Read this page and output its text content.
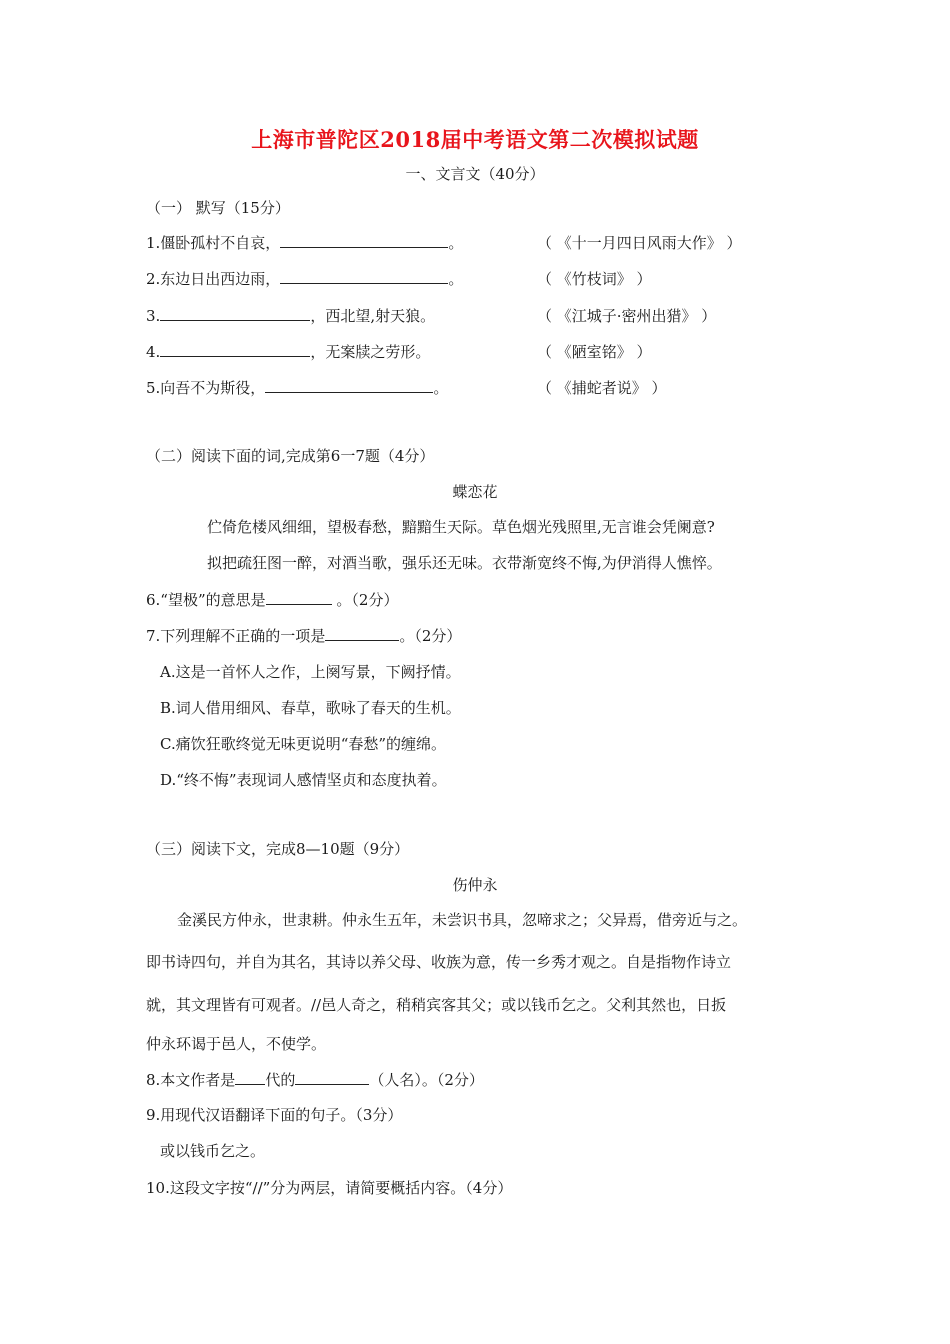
上海市普陀区2018届中考语文第二次模拟试题
一、文言文（40分）
（一） 默写（15分）
1.僵卧孤村不自哀，	。	（ 《十一月四日风雨大作》 ）
2.东边日出西边雨，	。	（ 《竹枝词》 ）
3.	，西北望,射天狼。	（ 《江城子·密州出猎》 ）
4.	，无案牍之劳形。	（ 《陋室铭》 ）
5.向吾不为斯役，	。	（ 《捕蛇者说》 ）
（二）阅读下面的词,完成第6一7题（4分）
蝶恋花
伫倚危楼风细细，望极春愁，黯黯生天际。草色烟光残照里,无言谁会凭阑意?
拟把疏狂图一醉，对酒当歌，强乐还无味。衣带渐宽终不悔,为伊消得人憔悴。
6.“望极”的意思是	。（2分）
7.下列理解不正确的一项是	。（2分）
A.这是一首怀人之作，上阕写景，下阙抒情。
B.词人借用细风、春草，歌咏了春天的生机。
C.痛饮狂歌终觉无味更说明“春愁”的缠绵。
D.“终不悔”表现词人感情坚贞和态度执着。
（三）阅读下文，完成8—10题（9分）
伤仲永
金溪民方仲永，世隶耕。仲永生五年，未尝识书具，忽啼求之；父异焉，借旁近与之。
即书诗四句，并自为其名，其诗以养父母、收族为意，传一乡秀才观之。自是指物作诗立
就，其文理皆有可观者。//邑人奇之，稍稍宾客其父；或以钱币乞之。父利其然也，日扳
仲永环谒于邑人，不使学。
8.本文作者是 代的	（人名）。（2分）
9.用现代汉语翻译下面的句子。（3分）
或以钱币乞之。
10.这段文字按“//”分为两层，请简要概括内容。（4分）
